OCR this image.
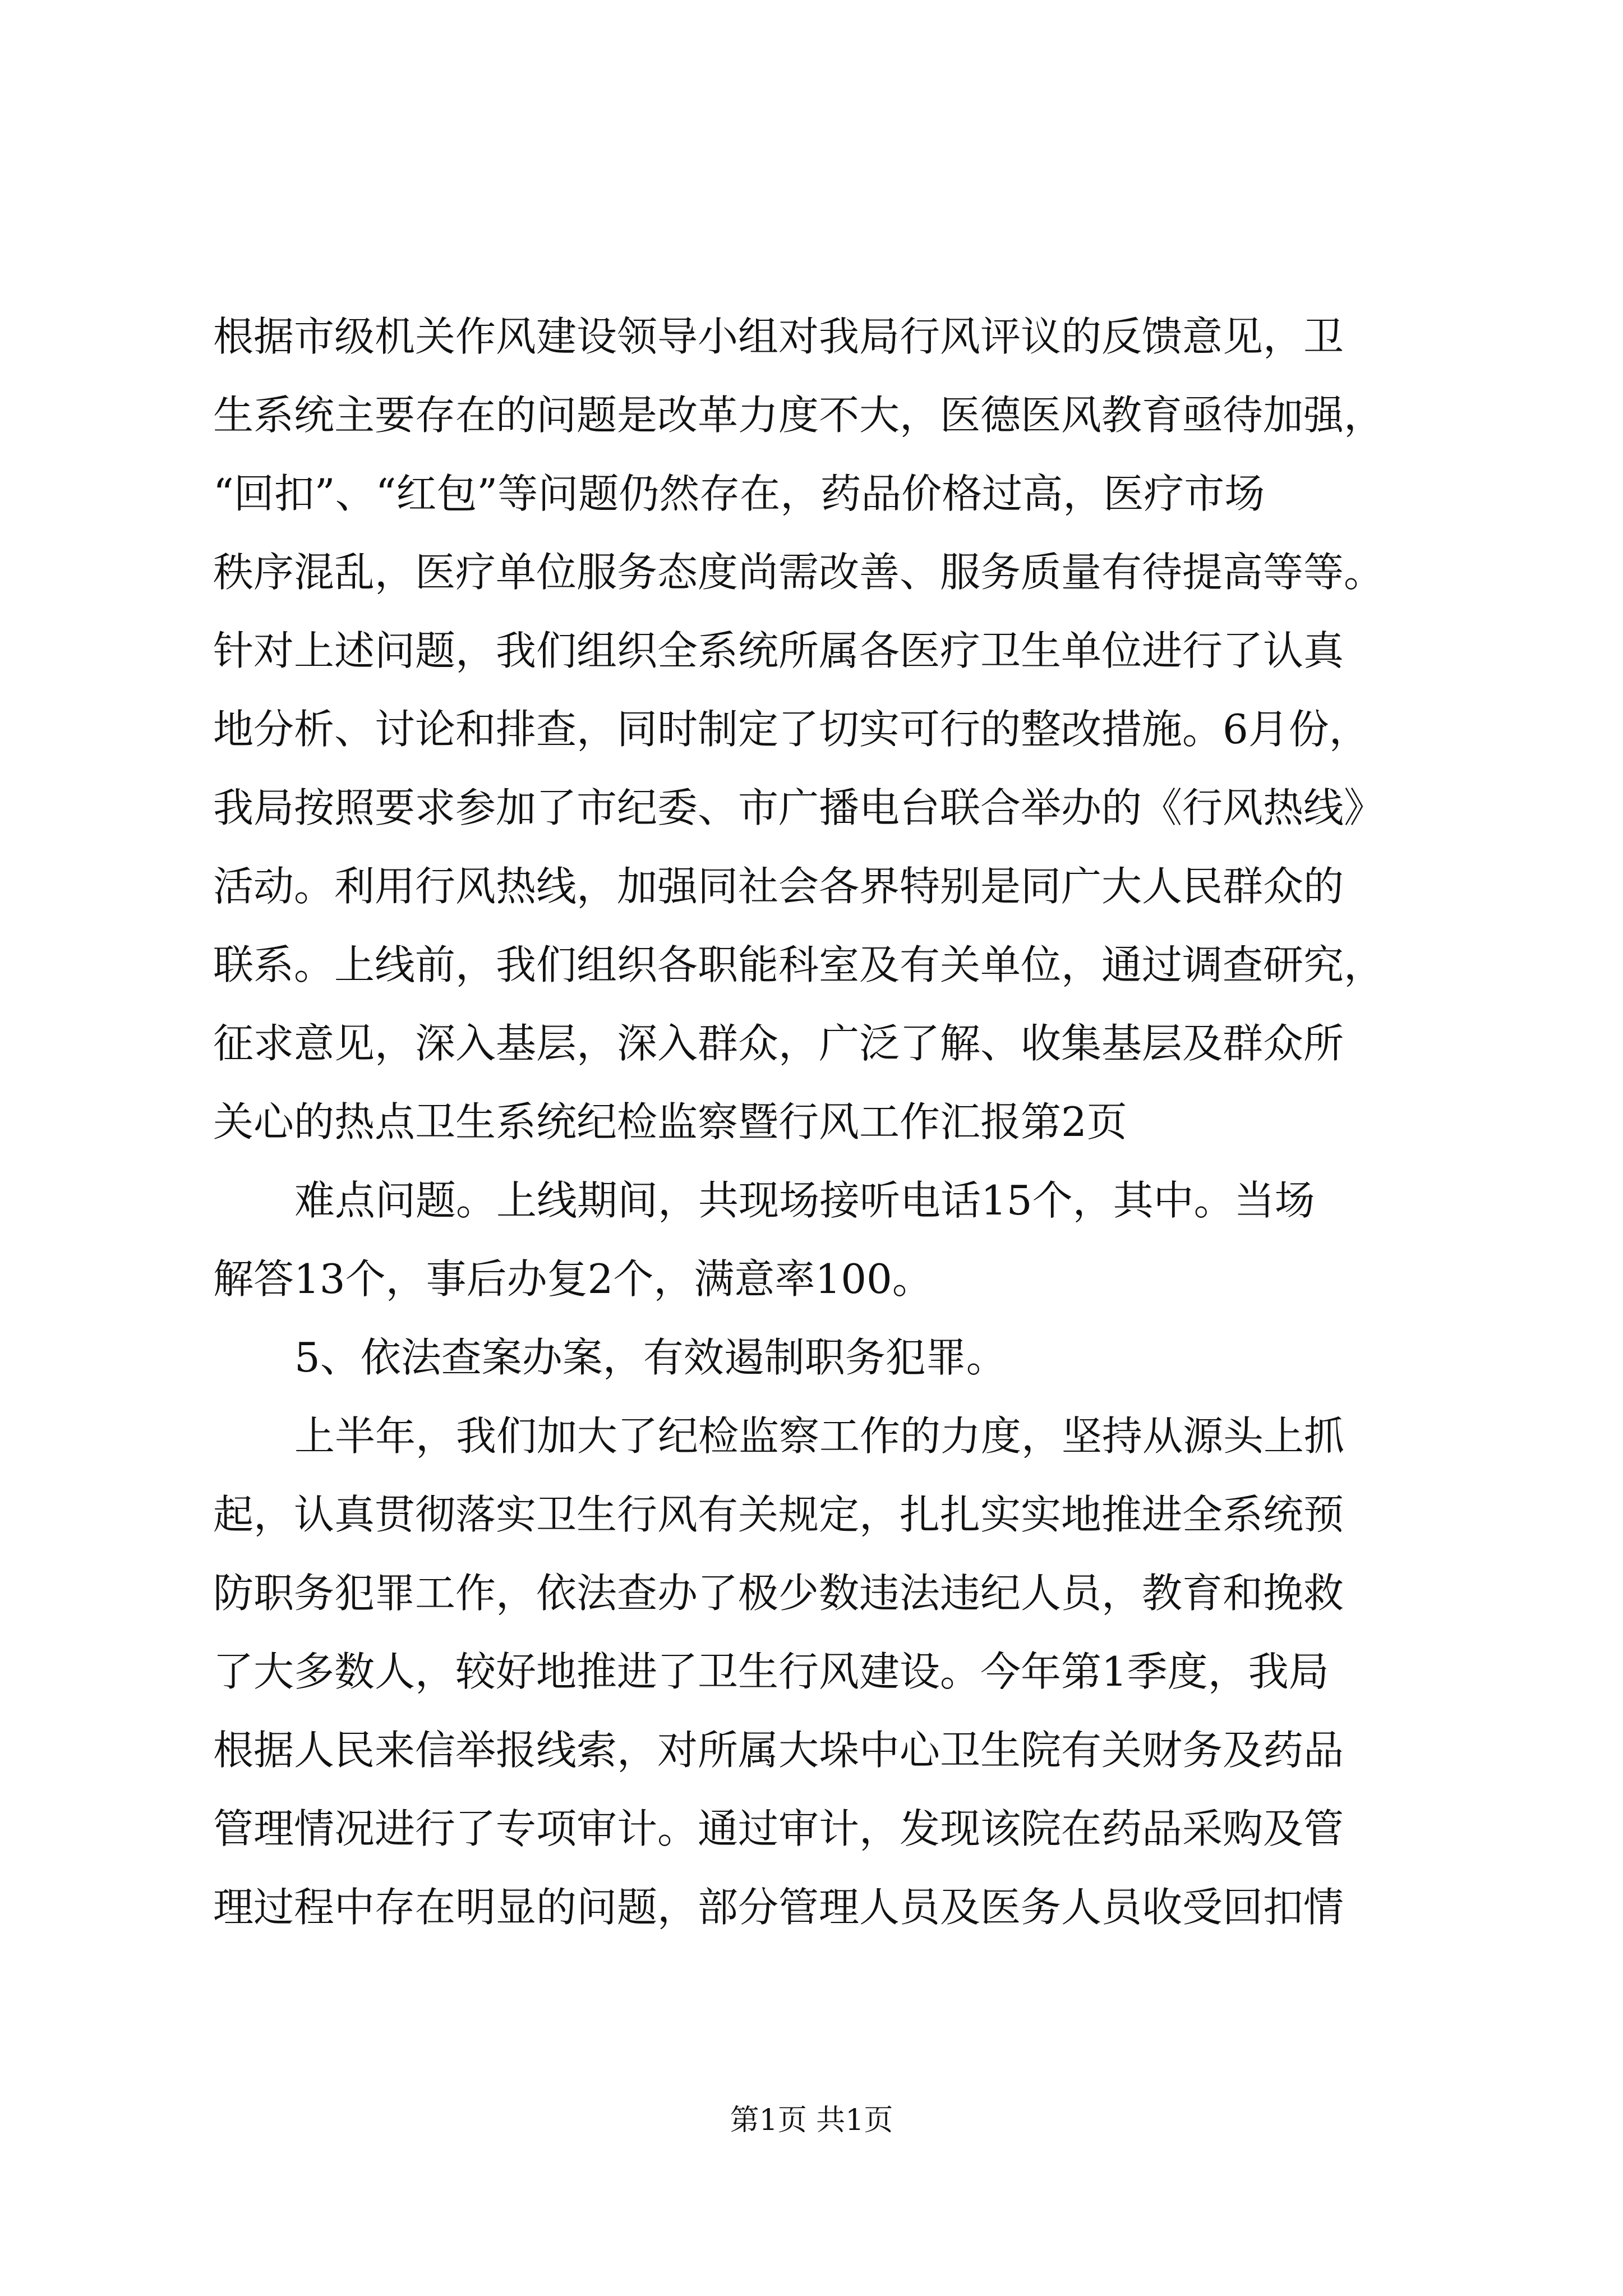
根据市级机关作风建设领导小组对我局行风评议的反馈意见，卫
生系统主要存在的问题是改革力度不大，医德医风教育亟待加强，
“回扣”、“红包”等问题仍然存在，药品价格过高，医疗市场
秩序混乱，医疗单位服务态度尚需改善、服务质量有待提高等等。
针对上述问题，我们组织全系统所属各医疗卫生单位进行了认真
地分析、讨论和排查，同时制定了切实可行的整改措施。6月份，
我局按照要求参加了市纪委、市广播电台联合举办的《行风热线》
活动。利用行风热线，加强同社会各界特别是同广大人民群众的
联系。上线前，我们组织各职能科室及有关单位，通过调查研究，
征求意见，深入基层，深入群众，广泛了解、收集基层及群众所
关心的热点卫生系统纪检监察暨行风工作汇报第2页

难点问题。上线期间，共现场接听电话15个，其中。当场
解答13个，事后办复2个，满意率100。

5、依法查案办案，有效遏制职务犯罪。

上半年，我们加大了纪检监察工作的力度，坚持从源头上抓
起，认真贯彻落实卫生行风有关规定，扎扎实实地推进全系统预
防职务犯罪工作，依法查办了极少数违法违纪人员，教育和挽救
了大多数人，较好地推进了卫生行风建设。今年第1季度，我局
根据人民来信举报线索，对所属大垛中心卫生院有关财务及药品
管理情况进行了专项审计。通过审计，发现该院在药品采购及管
理过程中存在明显的问题，部分管理人员及医务人员收受回扣情

第1页 共1页
